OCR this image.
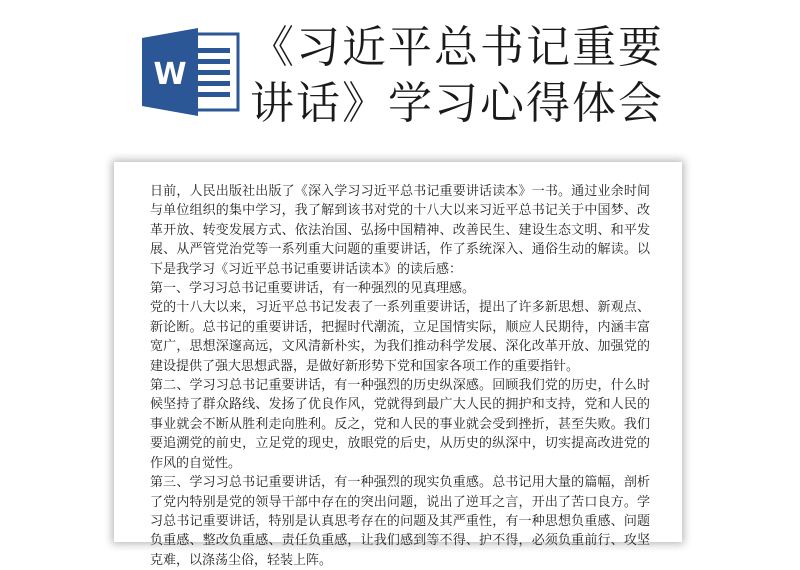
W
《习近平总书记重要
讲话》学习心得体会

日前，人民出版社出版了《深入学习习近平总书记重要讲话读本》一书。通过业余时间与单位组织的集中学习，我了解到该书对党的十八大以来习近平总书记关于中国梦、改革开放、转变发展方式、依法治国、弘扬中国精神、改善民生、建设生态文明、和平发展、从严管党治党等一系列重大问题的重要讲话，作了系统深入、通俗生动的解读。以下是我学习《习近平总书记重要讲话读本》的读后感：

第一、学习习总书记重要讲话，有一种强烈的见真理感。

党的十八大以来，习近平总书记发表了一系列重要讲话，提出了许多新思想、新观点、新论断。总书记的重要讲话，把握时代潮流，立足国情实际，顺应人民期待，内涵丰富宽广，思想深邃高远，文风清新朴实，为我们推动科学发展、深化改革开放、加强党的建设提供了强大思想武器，是做好新形势下党和国家各项工作的重要指针。

第二、学习习总书记重要讲话，有一种强烈的历史纵深感。回顾我们党的历史，什么时候坚持了群众路线、发扬了优良作风，党就得到最广大人民的拥护和支持，党和人民的事业就会不断从胜利走向胜利。反之，党和人民的事业就会受到挫折，甚至失败。我们要追溯党的前史，立足党的现史，放眼党的后史，从历史的纵深中，切实提高改进党的作风的自觉性。

第三、学习习总书记重要讲话，有一种强烈的现实负重感。总书记用大量的篇幅，剖析了党内特别是党的领导干部中存在的突出问题，说出了逆耳之言，开出了苦口良方。学习总书记重要讲话，特别是认真思考存在的问题及其严重性，有一种思想负重感、问题负重感、整改负重感、责任负重感，让我们感到等不得、护不得，必须负重前行、攻坚克难，以涤荡尘俗，轻装上阵。
